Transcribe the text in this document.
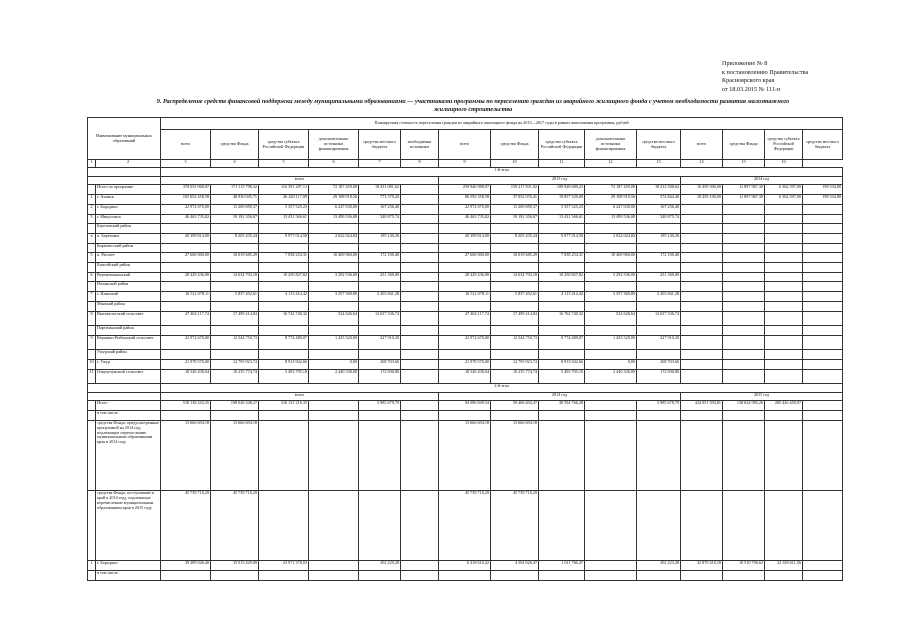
Приложение № 8
к постановлению Правительства
Красноярского края
от 18.03.2015 № 111-п
9. Распределение средств финансовой поддержки между муниципальными образованиями — участниками программы по переселению граждан из аварийного жилищного фонда с учетом необходимости развития малоэтажного
жилищного строительства
Наименование муниципальных образований		Планируемая стоимость переселения граждан из аварийного жилищного фонда на 2013—2017 годы в рамках выполнения программы, рублей														
		всего	средства Фонда	средства субъекта Российской Федерации	дополнительные источники финансирования	средства местного бюджета	необходимые источники	всего	средства Фонда	средства субъекта Российской Федерации	дополнительные источники финансирования	средства местного бюджета	всего	средства Фонда	средства субъекта Российской Федерации	средства местного бюджета
1	2	3	4	5	6	7	8	9	10	11	12	13	14	15	16	
		1-й этап														
		всего						2013 год					2014 год			
	Итого по программе	378 053 968,07	171 115 798,32	116 391 287,13	72 187 459,08	18 431 081,62		259 946 988,07	159 217 831,02	109 928 689,23	72 187 459,08	18 212 508,62	16 459 300,00	11 897 967,30	6 362 597,00	198 534,80
1	г. Ачинск	105 052 458,58	48 930 045,71	26 220 117,09	29 108 918,56	773 379,20		86 593 358,58	37 052 076,41	19 857 520,09	29 108 918,56	574 844,40	18 459 100,00	11 897 967,30	6 362 597,00	198 534,80
2	г. Бородино	22 972 670,00	11 200 858,37	5 357 525,23	6 247 030,00	167 256,40		22 972 670,00	11 200 858,37	5 357 525,23	6 247 030,00	167 256,40				
3	г. Минусинск	46 463 735,02	19 191 356,67	13 431 566,61	13 499 536,08	340 875,74		46 463 735,02	19 191 356,67	13 431 566,61	13 499 536,08	340 875,74				
	Березовский район															
4	п. Березовка	20 399 814,00	8 205 435,24	9 977 014,50	2 022 024,84	195 140,26		20 399 814,00	8 205 435,24	9 977 014,50	2 022 024,84	195 140,26				
	Бирилюсский район															
5	п. Рассвет	27 660 000,00	10 019 685,29	7 038 254,31	10 469 960,00	172 100,40		27 660 000,00	10 019 685,29	7 038 254,31	10 469 960,00	172 100,40				
	Енисейский район															
6	Верхнепашинский	28 429 436,00	14 634 703,18	10 250 827,82	3 292 536,00	251 369,00		28 429 436,00	14 634 703,18	10 250 827,82	3 292 536,00	251 369,00				
	Илланский район															
7	г. Иланский	16 512 078,11	5 837 452,61	4 113 414,42	3 357 369,80	3 203 841,28		16 512 078,11	5 837 452,61	4 113 414,42	3 357 369,80	3 203 841,28				
	Манский район															
8	Выезжелогский сельсовет	47 404 117,74	17 499 214,04	16 742 740,32	524 626,64	12 637 536,74		47 404 117,74	17 499 214,04	16 762 740,32	524 626,64	12 637 536,74				
	Партизанский район															
9	Вершино-Рыбинский сельсовет	22 972 670,00	12 544 750,73	8 774 489,07	1 425 520,00	227 910,20		22 972 670,00	12 544 750,73	8 774 489,07	1 425 520,00	227 910,20				
	Ужурский район															
10	г. Ужур	21 978 570,00	12 795 923,74	8 913 942,66	0,00	268 703,60		21 978 570,00	12 795 923,74	8 913 942,66	0,00	268 703,60				
11	Озероучумский сельсовет	18 340 438,64	10 235 774,74	5 493 795,10	2 440 330,00	172 930,80		18 340 438,64	10 235 774,74	5 493 795,10	2 440 330,00	172 930,80				
		2-й этап														
		всего						2014 год					2015 год			
	Итого	518 138 243,35	198 026 348,27	316 131 216,35		3 985 679,79		94 086 849,54	59 406 404,47	30 594 766,28		3 985 678,79	424 051 393,81	138 624 985,26	285 426 450,07	
	в том числе:															
	средства Фонда, предусмотренные программой на 2014 год, подлежащие перечислению муниципальным образованиям края в 2014 году	13 666 694,18	13 666 694,18					13 666 694,18	13 666 694,18							
	средства Фонда, поступившие в край в 2014 году, подлежащие перечислению муниципальным образованиям края в 2015 году	45 739 710,29	45 739 710,29					45 739 710,29	45 739 710,29							
1	г. Бородино	39 289 026,40	15 015 429,09	23 971 378,03		302 229,28		6 418 616,22	4 504 626,47	1 611 766,47		302 223,28	32 870 410,18	10 510 796,62	22 359 611,56	
	в том числе:															
